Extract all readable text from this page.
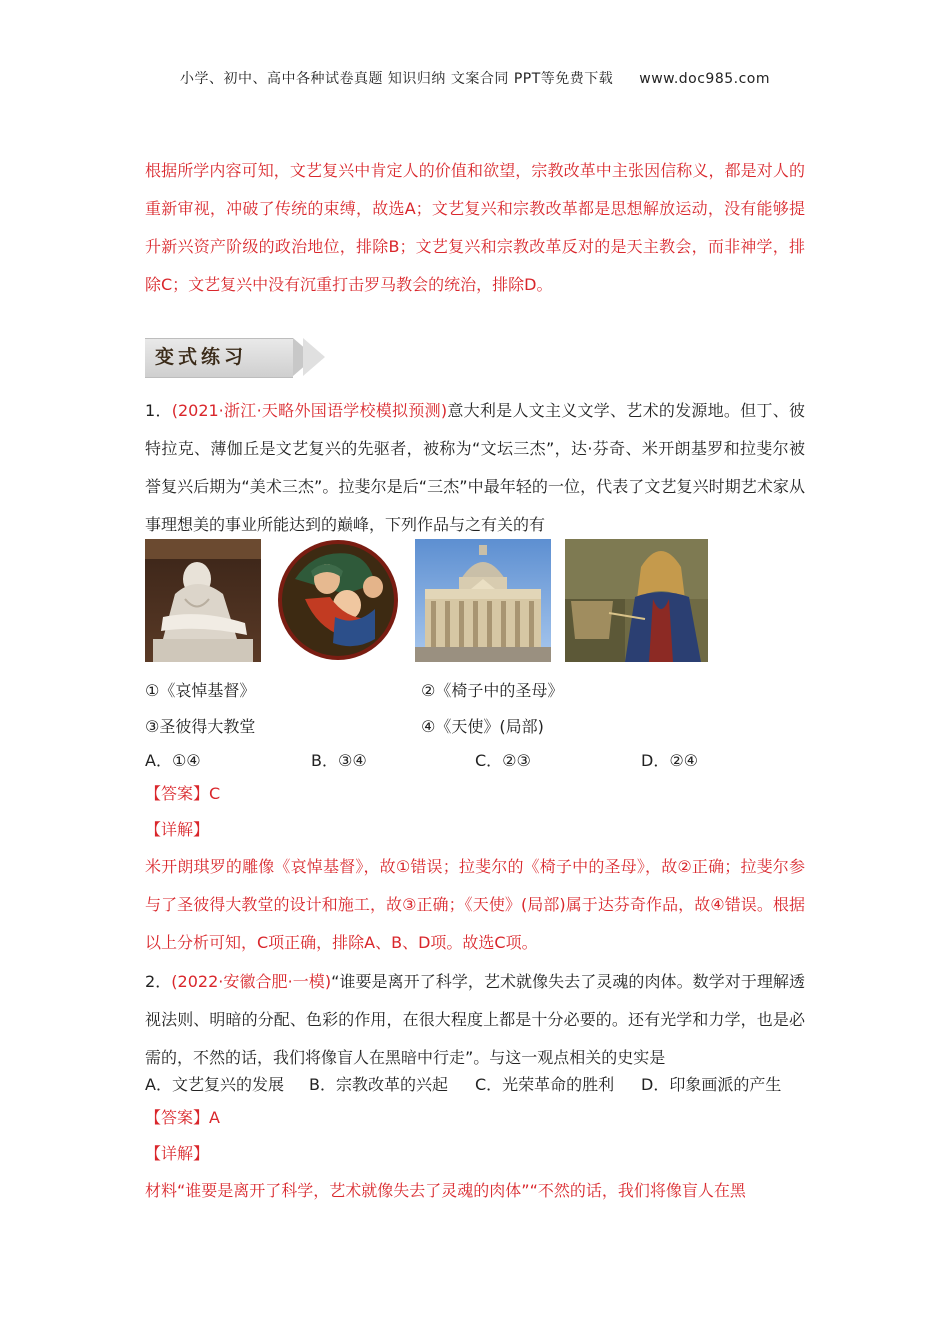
小学、初中、高中各种试卷真题 知识归纳 文案合同 PPT等免费下载 www.doc985.com

根据所学内容可知，文艺复兴中肯定人的价值和欲望，宗教改革中主张因信称义，都是对人的重新审视，冲破了传统的束缚，故选A；文艺复兴和宗教改革都是思想解放运动，没有能够提升新兴资产阶级的政治地位，排除B；文艺复兴和宗教改革反对的是天主教会，而非神学，排除C；文艺复兴中没有沉重打击罗马教会的统治，排除D。

变式练习

1．(2021·浙江·天略外国语学校模拟预测)意大利是人文主义文学、艺术的发源地。但丁、彼特拉克、薄伽丘是文艺复兴的先驱者，被称为“文坛三杰”，达·芬奇、米开朗基罗和拉斐尔被誉复兴后期为“美术三杰”。拉斐尔是后“三杰”中最年轻的一位，代表了文艺复兴时期艺术家从事理想美的事业所能达到的巅峰，下列作品与之有关的有

①《哀悼基督》	②《椅子中的圣母》
③圣彼得大教堂	④《天使》(局部)
A．①④	B．③④	C．②③	D．②④
【答案】C
【详解】

米开朗琪罗的雕像《哀悼基督》，故①错误；拉斐尔的《椅子中的圣母》，故②正确；拉斐尔参与了圣彼得大教堂的设计和施工，故③正确；《天使》(局部)属于达芬奇作品，故④错误。根据以上分析可知，C项正确，排除A、B、D项。故选C项。

2．(2022·安徽合肥·一模)“谁要是离开了科学，艺术就像失去了灵魂的肉体。数学对于理解透视法则、明暗的分配、色彩的作用，在很大程度上都是十分必要的。还有光学和力学，也是必需的，不然的话，我们将像盲人在黑暗中行走”。与这一观点相关的史实是

A．文艺复兴的发展 B．宗教改革的兴起 C．光荣革命的胜利 D．印象画派的产生
【答案】A
【详解】

材料“谁要是离开了科学，艺术就像失去了灵魂的肉体”“不然的话，我们将像盲人在黑
